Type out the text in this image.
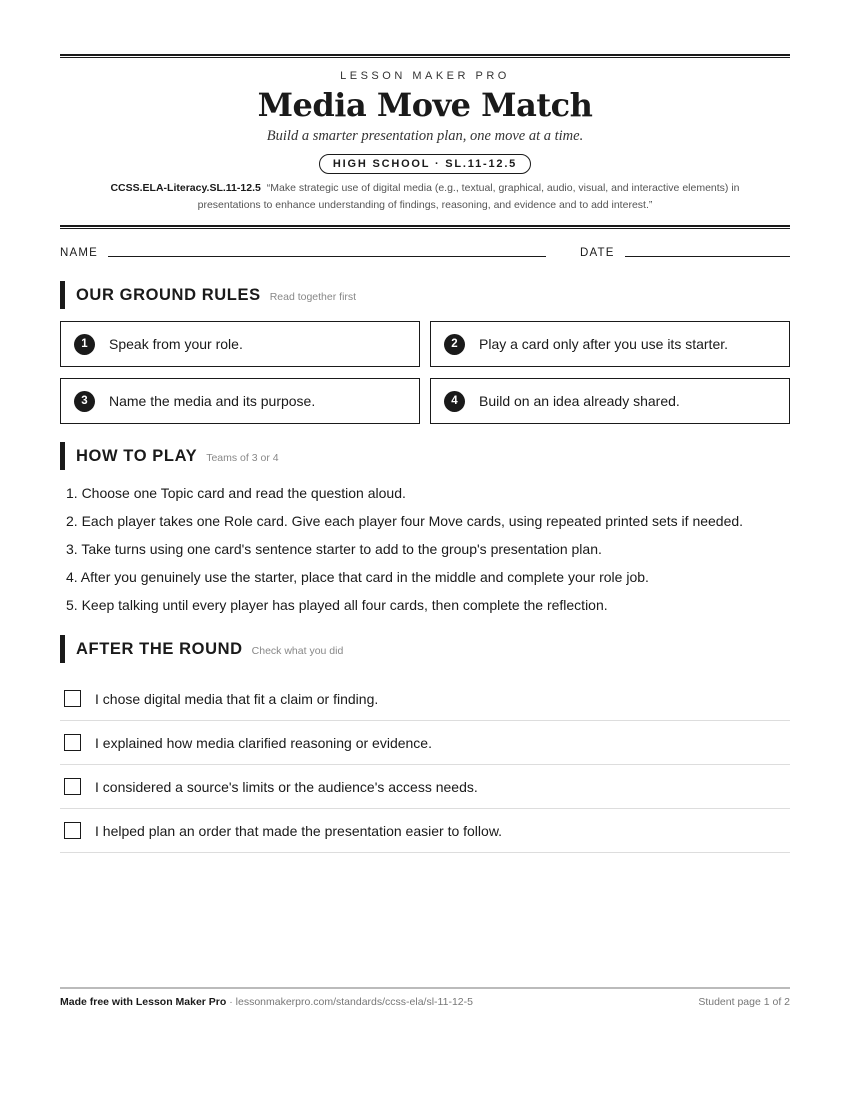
LESSON MAKER PRO
Media Move Match
Build a smarter presentation plan, one move at a time.
HIGH SCHOOL · SL.11-12.5
CCSS.ELA-Literacy.SL.11-12.5 “Make strategic use of digital media (e.g., textual, graphical, audio, visual, and interactive elements) in presentations to enhance understanding of findings, reasoning, and evidence and to add interest.”
NAME	DATE
OUR GROUND RULES Read together first
1	Speak from your role.	2	Play a card only after you use its starter.
3	Name the media and its purpose.	4	Build on an idea already shared.
HOW TO PLAY Teams of 3 or 4
1. Choose one Topic card and read the question aloud.
2. Each player takes one Role card. Give each player four Move cards, using repeated printed sets if needed.
3. Take turns using one card's sentence starter to add to the group's presentation plan.
4. After you genuinely use the starter, place that card in the middle and complete your role job.
5. Keep talking until every player has played all four cards, then complete the reflection.
AFTER THE ROUND Check what you did
I chose digital media that fit a claim or finding.
I explained how media clarified reasoning or evidence.
I considered a source's limits or the audience's access needs.
I helped plan an order that made the presentation easier to follow.
Made free with Lesson Maker Pro · lessonmakerpro.com/standards/ccss-ela/sl-11-12-5	Student page 1 of 2
